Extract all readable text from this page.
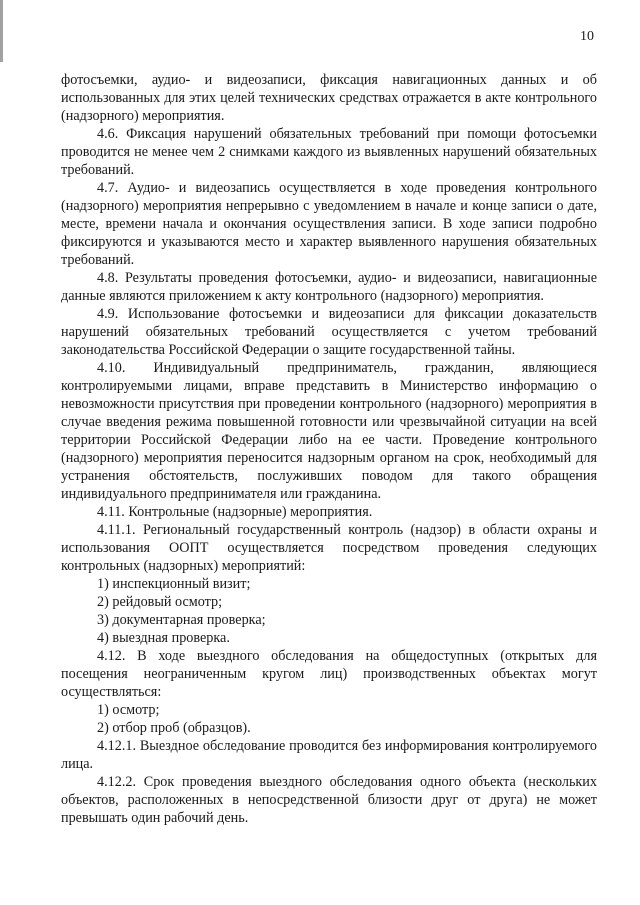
10

фотосъемки, аудио- и видеозаписи, фиксация навигационных данных и об использованных для этих целей технических средствах отражается в акте контрольного (надзорного) мероприятия.

4.6. Фиксация нарушений обязательных требований при помощи фотосъемки проводится не менее чем 2 снимками каждого из выявленных нарушений обязательных требований.

4.7. Аудио- и видеозапись осуществляется в ходе проведения контрольного (надзорного) мероприятия непрерывно с уведомлением в начале и конце записи о дате, месте, времени начала и окончания осуществления записи. В ходе записи подробно фиксируются и указываются место и характер выявленного нарушения обязательных требований.

4.8. Результаты проведения фотосъемки, аудио- и видеозаписи, навигационные данные являются приложением к акту контрольного (надзорного) мероприятия.

4.9. Использование фотосъемки и видеозаписи для фиксации доказательств нарушений обязательных требований осуществляется с учетом требований законодательства Российской Федерации о защите государственной тайны.

4.10. Индивидуальный предприниматель, гражданин, являющиеся контролируемыми лицами, вправе представить в Министерство информацию о невозможности присутствия при проведении контрольного (надзорного) мероприятия в случае введения режима повышенной готовности или чрезвычайной ситуации на всей территории Российской Федерации либо на ее части. Проведение контрольного (надзорного) мероприятия переносится надзорным органом на срок, необходимый для устранения обстоятельств, послуживших поводом для такого обращения индивидуального предпринимателя или гражданина.

4.11. Контрольные (надзорные) мероприятия.

4.11.1. Региональный государственный контроль (надзор) в области охраны и использования ООПТ осуществляется посредством проведения следующих контрольных (надзорных) мероприятий:

1) инспекционный визит;

2) рейдовый осмотр;

3) документарная проверка;

4) выездная проверка.

4.12. В ходе выездного обследования на общедоступных (открытых для посещения неограниченным кругом лиц) производственных объектах могут осуществляться:

1) осмотр;

2) отбор проб (образцов).

4.12.1. Выездное обследование проводится без информирования контролируемого лица.

4.12.2. Срок проведения выездного обследования одного объекта (нескольких объектов, расположенных в непосредственной близости друг от друга) не может превышать один рабочий день.
